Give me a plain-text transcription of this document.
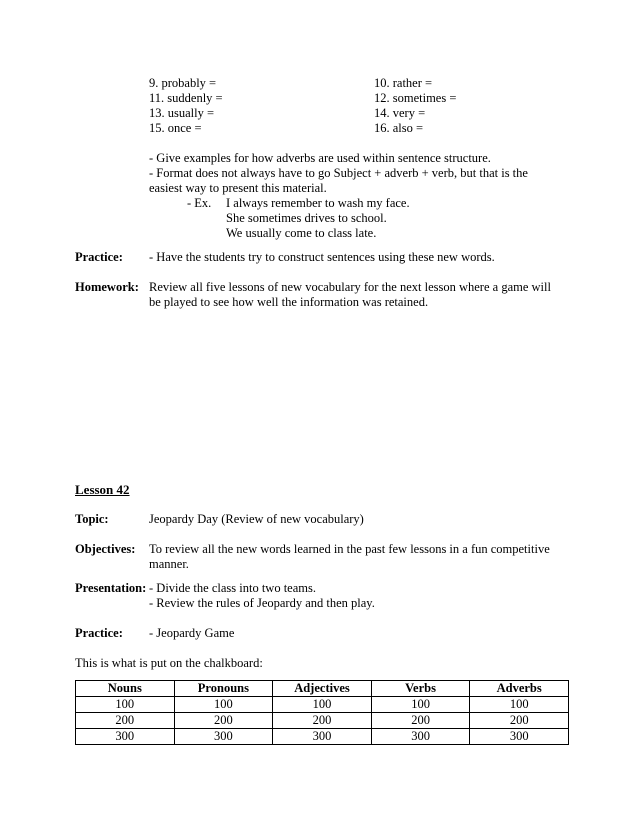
9. probably =
11. suddenly =
13. usually =
15. once =
10. rather =
12. sometimes =
14. very =
16. also =
- Give examples for how adverbs are used within sentence structure.
- Format does not always have to go Subject + adverb + verb, but that is the
easiest way to present this material.
- Ex. I always remember to wash my face.
She sometimes drives to school.
We usually come to class late.
Practice: - Have the students try to construct sentences using these new words.
Homework: Review all five lessons of new vocabulary for the next lesson where a game will
be played to see how well the information was retained.
Lesson 42
Topic:	Jeopardy Day (Review of new vocabulary)
Objectives: To review all the new words learned in the past few lessons in a fun competitive
manner.
Presentation: - Divide the class into two teams.
- Review the rules of Jeopardy and then play.
Practice: - Jeopardy Game
This is what is put on the chalkboard:
Nouns	Pronouns	Adjectives	Verbs	Adverbs
100	100	100	100	100
200	200	200	200	200
300	300	300	300	300
